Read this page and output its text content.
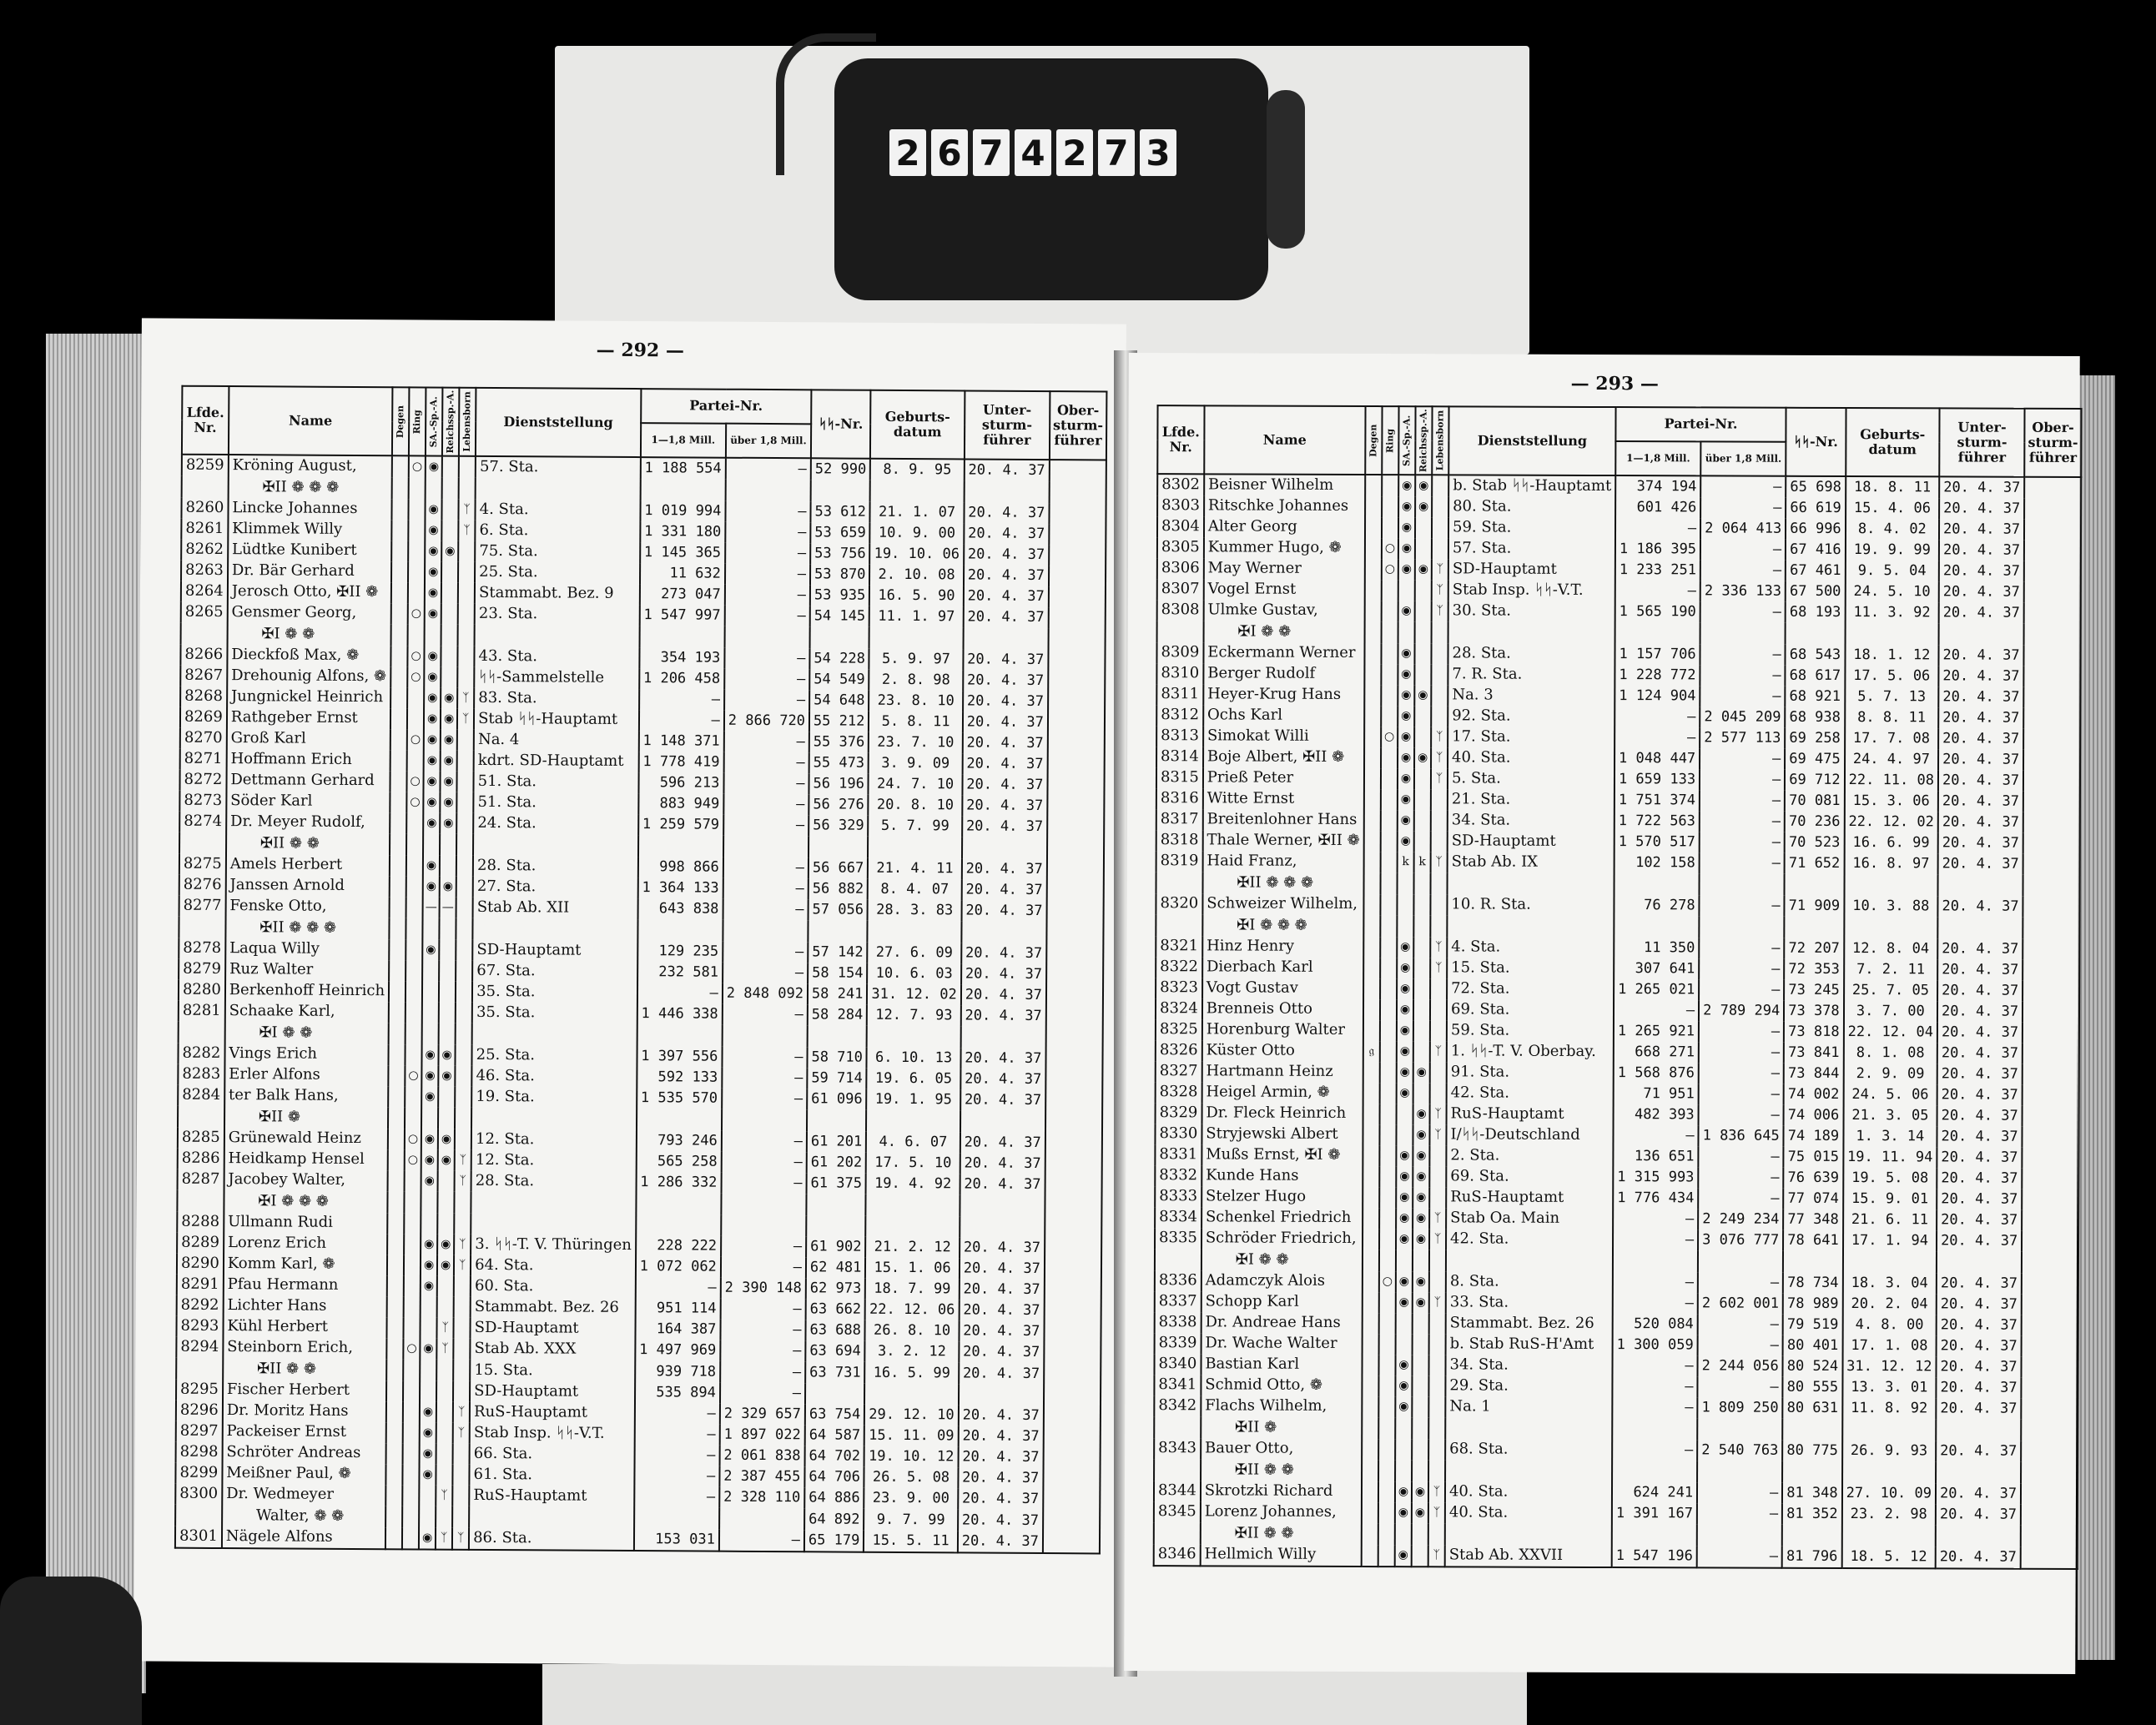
2 6 7 4 2 7 3
— 292 —
Lfde. Nr.	Name	Degen	Ring	SA.-Sp.-A.	Reichssp.-A.	Lebensborn	Dienststellung	Partei-Nr.		ᛋᛋ-Nr.	Geburts-datum	Unter-sturm-führer	Ober-sturm-führer
								1—1,8 Mill.	über 1,8 Mill.				
8259	Kröning August,		○	◉			57. Sta.	1 188 554	—	52 990	8. 9. 95	20. 4. 37	
	✠II ❁ ❁ ❁												
8260	Lincke Johannes			◉		ᛉ	4. Sta.	1 019 994	—	53 612	21. 1. 07	20. 4. 37	
8261	Klimmek Willy			◉		ᛉ	6. Sta.	1 331 180	—	53 659	10. 9. 00	20. 4. 37	
8262	Lüdtke Kunibert			◉	◉		75. Sta.	1 145 365	—	53 756	19. 10. 06	20. 4. 37	
8263	Dr. Bär Gerhard			◉			25. Sta.	11 632	—	53 870	2. 10. 08	20. 4. 37	
8264	Jerosch Otto, ✠II ❁			◉			Stammabt. Bez. 9	273 047	—	53 935	16. 5. 90	20. 4. 37	
8265	Gensmer Georg,		○	◉			23. Sta.	1 547 997	—	54 145	11. 1. 97	20. 4. 37	
	✠I ❁ ❁												
8266	Dieckfoß Max, ❁		○	◉			43. Sta.	354 193	—	54 228	5. 9. 97	20. 4. 37	
8267	Drehounig Alfons, ❁		○	◉			ᛋᛋ-Sammelstelle	1 206 458	—	54 549	2. 8. 98	20. 4. 37	
8268	Jungnickel Heinrich			◉	◉	ᛉ	83. Sta.	—	—	54 648	23. 8. 10	20. 4. 37	
8269	Rathgeber Ernst			◉	◉	ᛉ	Stab ᛋᛋ-Hauptamt	—	2 866 720	55 212	5. 8. 11	20. 4. 37	
8270	Groß Karl		○	◉	◉		Na. 4	1 148 371	—	55 376	23. 7. 10	20. 4. 37	
8271	Hoffmann Erich			◉	◉		kdrt. SD-Hauptamt	1 778 419	—	55 473	3. 9. 09	20. 4. 37	
8272	Dettmann Gerhard		○	◉	◉		51. Sta.	596 213	—	56 196	24. 7. 10	20. 4. 37	
8273	Söder Karl		○	◉	◉		51. Sta.	883 949	—	56 276	20. 8. 10	20. 4. 37	
8274	Dr. Meyer Rudolf,			◉	◉		24. Sta.	1 259 579	—	56 329	5. 7. 99	20. 4. 37	
	✠II ❁ ❁												
8275	Amels Herbert			◉			28. Sta.	998 866	—	56 667	21. 4. 11	20. 4. 37	
8276	Janssen Arnold			◉	◉		27. Sta.	1 364 133	—	56 882	8. 4. 07	20. 4. 37	
8277	Fenske Otto,			—	—		Stab Ab. XII	643 838	—	57 056	28. 3. 83	20. 4. 37	
	✠II ❁ ❁ ❁												
8278	Laqua Willy			◉			SD-Hauptamt	129 235	—	57 142	27. 6. 09	20. 4. 37	
8279	Ruz Walter						67. Sta.	232 581	—	58 154	10. 6. 03	20. 4. 37	
8280	Berkenhoff Heinrich						35. Sta.	—	2 848 092	58 241	31. 12. 02	20. 4. 37	
8281	Schaake Karl,						35. Sta.	1 446 338	—	58 284	12. 7. 93	20. 4. 37	
	✠I ❁ ❁												
8282	Vings Erich			◉	◉		25. Sta.	1 397 556	—	58 710	6. 10. 13	20. 4. 37	
8283	Erler Alfons		○	◉	◉		46. Sta.	592 133	—	59 714	19. 6. 05	20. 4. 37	
8284	ter Balk Hans,			◉			19. Sta.	1 535 570	—	61 096	19. 1. 95	20. 4. 37	
	✠II ❁												
8285	Grünewald Heinz		○	◉	◉		12. Sta.	793 246	—	61 201	4. 6. 07	20. 4. 37	
8286	Heidkamp Hensel		○	◉	◉	ᛉ	12. Sta.	565 258	—	61 202	17. 5. 10	20. 4. 37	
8287	Jacobey Walter,			◉		ᛉ	28. Sta.	1 286 332	—	61 375	19. 4. 92	20. 4. 37	
	✠I ❁ ❁ ❁												
8288	Ullmann Rudi												
8289	Lorenz Erich			◉	◉	ᛉ	3. ᛋᛋ-T. V. Thüringen	228 222	—	61 902	21. 2. 12	20. 4. 37	
8290	Komm Karl, ❁			◉	◉	ᛉ	64. Sta.	1 072 062	—	62 481	15. 1. 06	20. 4. 37	
8291	Pfau Hermann			◉			60. Sta.	—	2 390 148	62 973	18. 7. 99	20. 4. 37	
8292	Lichter Hans						Stammabt. Bez. 26	951 114	—	63 662	22. 12. 06	20. 4. 37	
8293	Kühl Herbert				ᛉ		SD-Hauptamt	164 387	—	63 688	26. 8. 10	20. 4. 37	
8294	Steinborn Erich,		○	◉	ᛉ		Stab Ab. XXX	1 497 969	—	63 694	3. 2. 12	20. 4. 37	
	✠II ❁ ❁						15. Sta.	939 718	—	63 731	16. 5. 99	20. 4. 37	
8295	Fischer Herbert						SD-Hauptamt	535 894	—				
8296	Dr. Moritz Hans			◉		ᛉ	RuS-Hauptamt	—	2 329 657	63 754	29. 12. 10	20. 4. 37	
8297	Packeiser Ernst			◉		ᛉ	Stab Insp. ᛋᛋ-V.T.	—	1 897 022	64 587	15. 11. 09	20. 4. 37	
8298	Schröter Andreas			◉			66. Sta.	—	2 061 838	64 702	19. 10. 12	20. 4. 37	
8299	Meißner Paul, ❁			◉			61. Sta.	—	2 387 455	64 706	26. 5. 08	20. 4. 37	
8300	Dr. Wedmeyer				ᛉ		RuS-Hauptamt	—	2 328 110	64 886	23. 9. 00	20. 4. 37	
	Walter, ❁ ❁									64 892	9. 7. 99	20. 4. 37	
8301	Nägele Alfons			◉	ᛉ	ᛉ	86. Sta.	153 031	—	65 179	15. 5. 11	20. 4. 37	
— 293 —
Lfde. Nr.	Name	Degen	Ring	SA.-Sp.-A.	Reichssp.-A.	Lebensborn	Dienststellung	Partei-Nr.		ᛋᛋ-Nr.	Geburts-datum	Unter-sturm-führer	Ober-sturm-führer
								1—1,8 Mill.	über 1,8 Mill.				
8302	Beisner Wilhelm			◉	◉		b. Stab ᛋᛋ-Hauptamt	374 194	—	65 698	18. 8. 11	20. 4. 37	
8303	Ritschke Johannes			◉	◉		80. Sta.	601 426	—	66 619	15. 4. 06	20. 4. 37	
8304	Alter Georg			◉			59. Sta.	—	2 064 413	66 996	8. 4. 02	20. 4. 37	
8305	Kummer Hugo, ❁		○	◉			57. Sta.	1 186 395	—	67 416	19. 9. 99	20. 4. 37	
8306	May Werner		○	◉	◉	ᛉ	SD-Hauptamt	1 233 251	—	67 461	9. 5. 04	20. 4. 37	
8307	Vogel Ernst					ᛉ	Stab Insp. ᛋᛋ-V.T.	—	2 336 133	67 500	24. 5. 10	20. 4. 37	
8308	Ulmke Gustav,			◉		ᛉ	30. Sta.	1 565 190	—	68 193	11. 3. 92	20. 4. 37	
	✠I ❁ ❁												
8309	Eckermann Werner			◉			28. Sta.	1 157 706	—	68 543	18. 1. 12	20. 4. 37	
8310	Berger Rudolf			◉			7. R. Sta.	1 228 772	—	68 617	17. 5. 06	20. 4. 37	
8311	Heyer-Krug Hans			◉	◉		Na. 3	1 124 904	—	68 921	5. 7. 13	20. 4. 37	
8312	Ochs Karl			◉			92. Sta.	—	2 045 209	68 938	8. 8. 11	20. 4. 37	
8313	Simokat Willi		○	◉		ᛉ	17. Sta.	—	2 577 113	69 258	17. 7. 08	20. 4. 37	
8314	Boje Albert, ✠II ❁			◉	◉	ᛉ	40. Sta.	1 048 447	—	69 475	24. 4. 97	20. 4. 37	
8315	Prieß Peter			◉		ᛉ	5. Sta.	1 659 133	—	69 712	22. 11. 08	20. 4. 37	
8316	Witte Ernst			◉			21. Sta.	1 751 374	—	70 081	15. 3. 06	20. 4. 37	
8317	Breitenlohner Hans			◉			34. Sta.	1 722 563	—	70 236	22. 12. 02	20. 4. 37	
8318	Thale Werner, ✠II ❁			◉			SD-Hauptamt	1 570 517	—	70 523	16. 6. 99	20. 4. 37	
8319	Haid Franz,			k	k	ᛉ	Stab Ab. IX	102 158	—	71 652	16. 8. 97	20. 4. 37	
	✠II ❁ ❁ ❁												
8320	Schweizer Wilhelm,						10. R. Sta.	76 278	—	71 909	10. 3. 88	20. 4. 37	
	✠I ❁ ❁ ❁												
8321	Hinz Henry			◉		ᛉ	4. Sta.	11 350	—	72 207	12. 8. 04	20. 4. 37	
8322	Dierbach Karl			◉		ᛉ	15. Sta.	307 641	—	72 353	7. 2. 11	20. 4. 37	
8323	Vogt Gustav			◉			72. Sta.	1 265 021	—	73 245	25. 7. 05	20. 4. 37	
8324	Brenneis Otto			◉			69. Sta.	—	2 789 294	73 378	3. 7. 00	20. 4. 37	
8325	Horenburg Walter			◉			59. Sta.	1 265 921	—	73 818	22. 12. 04	20. 4. 37	
8326	Küster Otto	𝔤		◉		ᛉ	1. ᛋᛋ-T. V. Oberbay.	668 271	—	73 841	8. 1. 08	20. 4. 37	
8327	Hartmann Heinz			◉	◉		91. Sta.	1 568 876	—	73 844	2. 9. 09	20. 4. 37	
8328	Heigel Armin, ❁			◉			42. Sta.	71 951	—	74 002	24. 5. 06	20. 4. 37	
8329	Dr. Fleck Heinrich				◉	ᛉ	RuS-Hauptamt	482 393	—	74 006	21. 3. 05	20. 4. 37	
8330	Stryjewski Albert				◉	ᛉ	I/ᛋᛋ-Deutschland	—	1 836 645	74 189	1. 3. 14	20. 4. 37	
8331	Mußs Ernst, ✠I ❁			◉	◉		2. Sta.	136 651	—	75 015	19. 11. 94	20. 4. 37	
8332	Kunde Hans			◉	◉		69. Sta.	1 315 993	—	76 639	19. 5. 08	20. 4. 37	
8333	Stelzer Hugo			◉	◉		RuS-Hauptamt	1 776 434	—	77 074	15. 9. 01	20. 4. 37	
8334	Schenkel Friedrich			◉	◉	ᛉ	Stab Oa. Main	—	2 249 234	77 348	21. 6. 11	20. 4. 37	
8335	Schröder Friedrich,			◉	◉	ᛉ	42. Sta.	—	3 076 777	78 641	17. 1. 94	20. 4. 37	
	✠I ❁ ❁												
8336	Adamczyk Alois		○	◉	◉		8. Sta.	—	—	78 734	18. 3. 04	20. 4. 37	
8337	Schopp Karl			◉	◉	ᛉ	33. Sta.	—	2 602 001	78 989	20. 2. 04	20. 4. 37	
8338	Dr. Andreae Hans						Stammabt. Bez. 26	520 084	—	79 519	4. 8. 00	20. 4. 37	
8339	Dr. Wache Walter						b. Stab RuS-H'Amt	1 300 059	—	80 401	17. 1. 08	20. 4. 37	
8340	Bastian Karl			◉			34. Sta.	—	2 244 056	80 524	31. 12. 12	20. 4. 37	
8341	Schmid Otto, ❁			◉			29. Sta.	—	—	80 555	13. 3. 01	20. 4. 37	
8342	Flachs Wilhelm,			◉			Na. 1	—	1 809 250	80 631	11. 8. 92	20. 4. 37	
	✠II ❁												
8343	Bauer Otto,						68. Sta.	—	2 540 763	80 775	26. 9. 93	20. 4. 37	
	✠II ❁ ❁												
8344	Skrotzki Richard			◉	◉	ᛉ	40. Sta.	624 241	—	81 348	27. 10. 09	20. 4. 37	
8345	Lorenz Johannes,			◉	◉	ᛉ	40. Sta.	1 391 167	—	81 352	23. 2. 98	20. 4. 37	
	✠II ❁ ❁												
8346	Hellmich Willy			◉		ᛉ	Stab Ab. XXVII	1 547 196	—	81 796	18. 5. 12	20. 4. 37	
